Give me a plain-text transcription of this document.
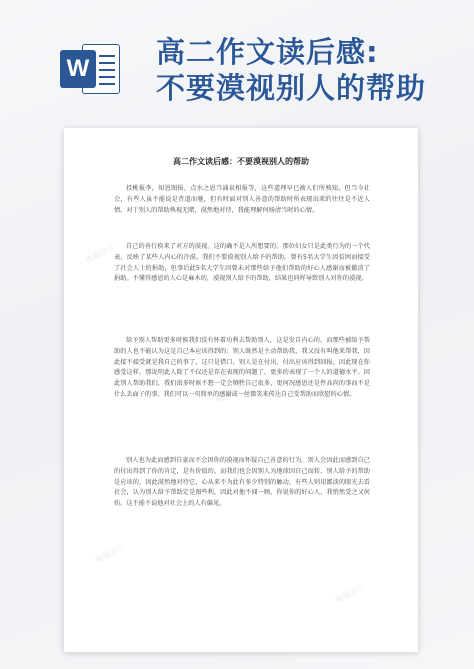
W 高二作文读后感:
不要漠视别人的帮助
高二作文读后感：不要漠视别人的帮助
投桃报李，知恩图报，点水之恩当涌泉相报等，这些道理早已被人们所熟知。但当今社会，有些人虽不能说是背道而驰，但有时面对别人善意的帮助时所表现出来的往往是不近人情。对于别人的帮助熟视无睹，漠然地对待，我能理解何扬清当时的心情。
自己的善行换来了对方的漠视。这的确不是人所想要的。那位妇女只是此类行为的一个代表，反映了某些人内心的冷漠。我们不要漠视别人给予的帮助。曾有5名大学生因贫困而接受了社会人士的捐助，但事后此5名大学生因曾未对那些给予他们帮助的好心人感谢而被撤消了捐助。不懂得感恩的人心是麻木的，漠视别人给予的帮助，结果也同样导致别人对你的漠视。
给予别人帮助更多时候我们没有怀着功利去帮助别人，这是发自内心的。而那些被给予帮助的人也不能认为这是自己本应该得到的；别人既然是主动帮助我，我又没有叫他来帮我，因此接不接受就是我自己的事了，这只是借口。别人是在付出，付出应该得到回报，因此现在你感受这样，那说明此人除了不仅还是存在表现的问题了，更多的表现了一个人的道德水平。因此别人帮助我们，我们很多时候不想一定会牺牲自己很多，更何况感恩还是件高尚的事而不是什么丢面子的事。我们可以一句简单的感谢或一丝微笑来传达自己受帮助而欣慰的心情。
别人也为此而感到自豪而不会因你的漠视而怀疑自己善意的行为。别人会因此而感到自己的付出得到了你的肯定，是有价值的。而我们也会因别人为地球因自己而转，别人给予的帮助是应该的，因此漠然地对待它，心从来不为此有多少特别的触动，有些人则用鄙淡的眼光去看社会，认为别人给予帮助定是图些利，因此对他不闻一顾，你说你的好心人，我悄然受之又何妨。这不能不说他对社会上的人有偏见。
熊猫办公
熊猫办公
熊猫办公
熊猫办公
熊猫办公
